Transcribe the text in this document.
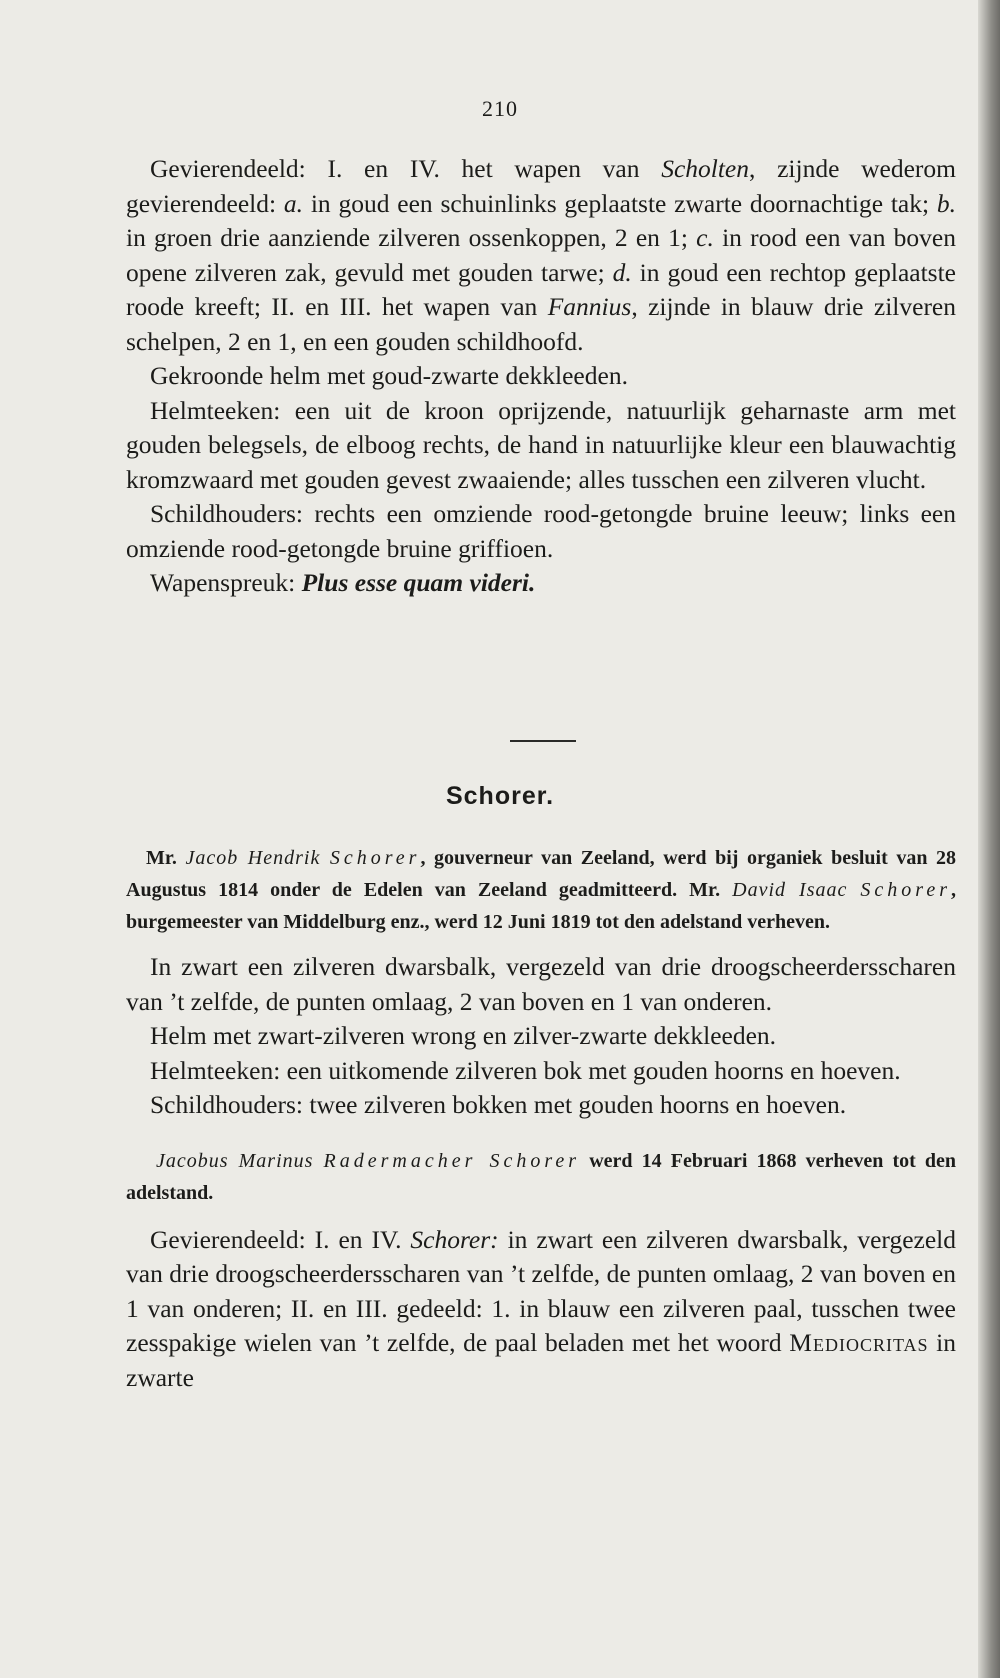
210

Gevierendeeld: I. en IV. het wapen van Scholten, zijnde wederom gevierendeeld: a. in goud een schuinlinks geplaatste zwarte doornachtige tak; b. in groen drie aanziende zilveren ossenkoppen, 2 en 1; c. in rood een van boven opene zilveren zak, gevuld met gouden tarwe; d. in goud een rechtop geplaatste roode kreeft; II. en III. het wapen van Fannius, zijnde in blauw drie zilveren schelpen, 2 en 1, en een gouden schildhoofd.

Gekroonde helm met goud-zwarte dekkleeden.

Helmteeken: een uit de kroon oprijzende, natuurlijk geharnaste arm met gouden belegsels, de elboog rechts, de hand in natuurlijke kleur een blauwachtig kromzwaard met gouden gevest zwaaiende; alles tusschen een zilveren vlucht.

Schildhouders: rechts een omziende rood-getongde bruine leeuw; links een omziende rood-getongde bruine griffioen.

Wapenspreuk: Plus esse quam videri.

Schorer.

Mr. Jacob Hendrik Schorer, gouverneur van Zeeland, werd bij organiek besluit van 28 Augustus 1814 onder de Edelen van Zeeland geadmitteerd. Mr. David Isaac Schorer, burgemeester van Middelburg enz., werd 12 Juni 1819 tot den adelstand verheven.

In zwart een zilveren dwarsbalk, vergezeld van drie droogscheerdersscharen van ’t zelfde, de punten omlaag, 2 van boven en 1 van onderen.

Helm met zwart-zilveren wrong en zilver-zwarte dekkleeden.

Helmteeken: een uitkomende zilveren bok met gouden hoorns en hoeven.

Schildhouders: twee zilveren bokken met gouden hoorns en hoeven.

Jacobus Marinus Radermacher Schorer werd 14 Februari 1868 verheven tot den adelstand.

Gevierendeeld: I. en IV. Schorer: in zwart een zilveren dwarsbalk, vergezeld van drie droogscheerdersscharen van ’t zelfde, de punten omlaag, 2 van boven en 1 van onderen; II. en III. gedeeld: 1. in blauw een zilveren paal, tusschen twee zesspakige wielen van ’t zelfde, de paal beladen met het woord Mediocritas in zwarte
